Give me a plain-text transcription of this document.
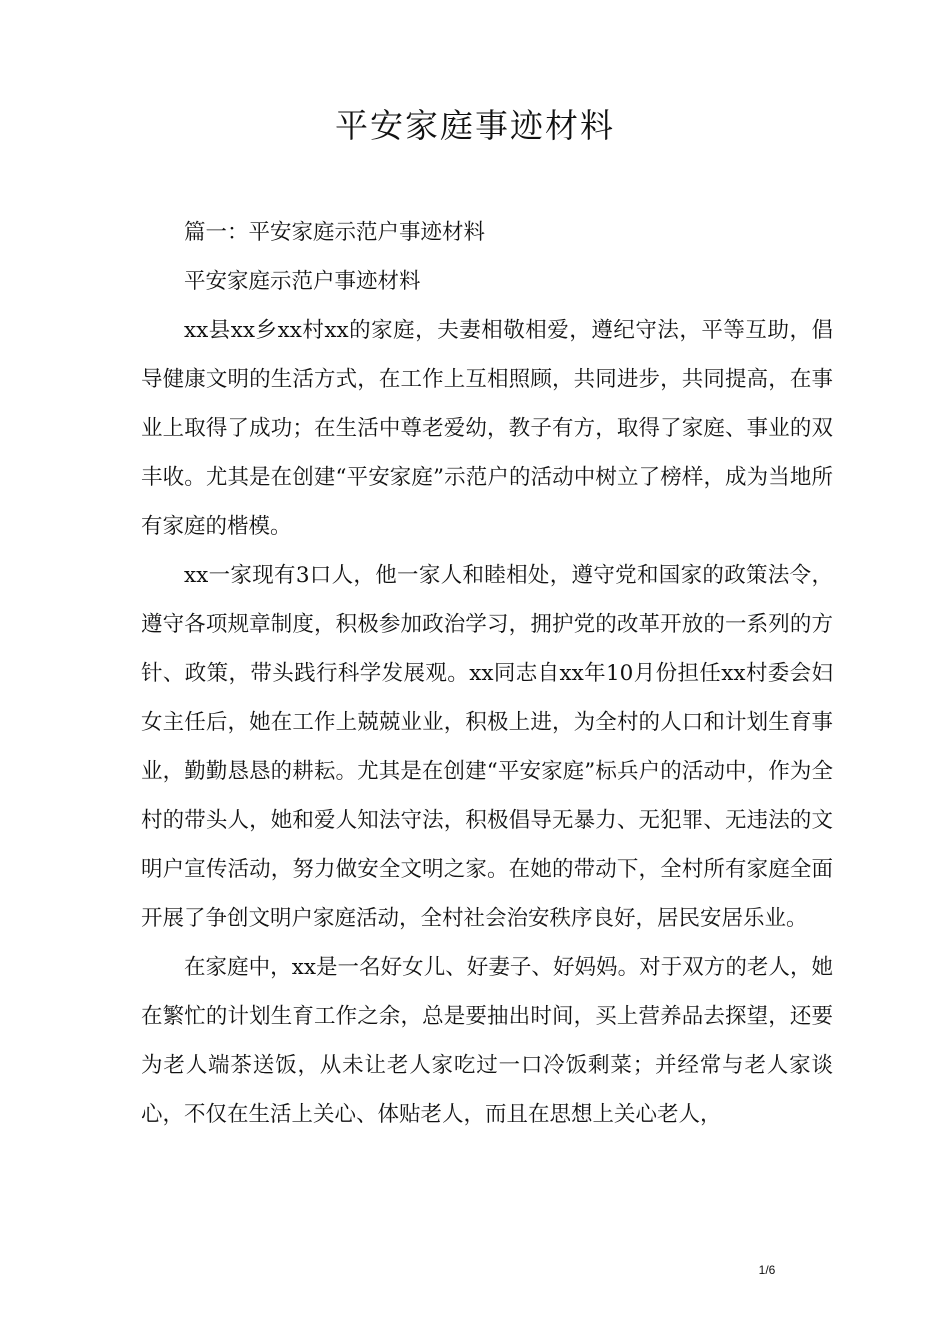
平安家庭事迹材料

篇一：平安家庭示范户事迹材料

平安家庭示范户事迹材料

xx县xx乡xx村xx的家庭，夫妻相敬相爱，遵纪守法，平等互助，倡导健康文明的生活方式，在工作上互相照顾，共同进步，共同提高，在事业上取得了成功；在生活中尊老爱幼，教子有方，取得了家庭、事业的双丰收。尤其是在创建“平安家庭”示范户的活动中树立了榜样，成为当地所有家庭的楷模。

xx一家现有3口人，他一家人和睦相处，遵守党和国家的政策法令，遵守各项规章制度，积极参加政治学习，拥护党的改革开放的一系列的方针、政策，带头践行科学发展观。xx同志自xx年10月份担任xx村委会妇女主任后，她在工作上兢兢业业，积极上进，为全村的人口和计划生育事业，勤勤恳恳的耕耘。尤其是在创建“平安家庭”标兵户的活动中，作为全村的带头人，她和爱人知法守法，积极倡导无暴力、无犯罪、无违法的文明户宣传活动，努力做安全文明之家。在她的带动下，全村所有家庭全面开展了争创文明户家庭活动，全村社会治安秩序良好，居民安居乐业。

在家庭中，xx是一名好女儿、好妻子、好妈妈。对于双方的老人，她在繁忙的计划生育工作之余，总是要抽出时间，买上营养品去探望，还要为老人端茶送饭，从未让老人家吃过一口冷饭剩菜；并经常与老人家谈心，不仅在生活上关心、体贴老人，而且在思想上关心老人，

1/6
